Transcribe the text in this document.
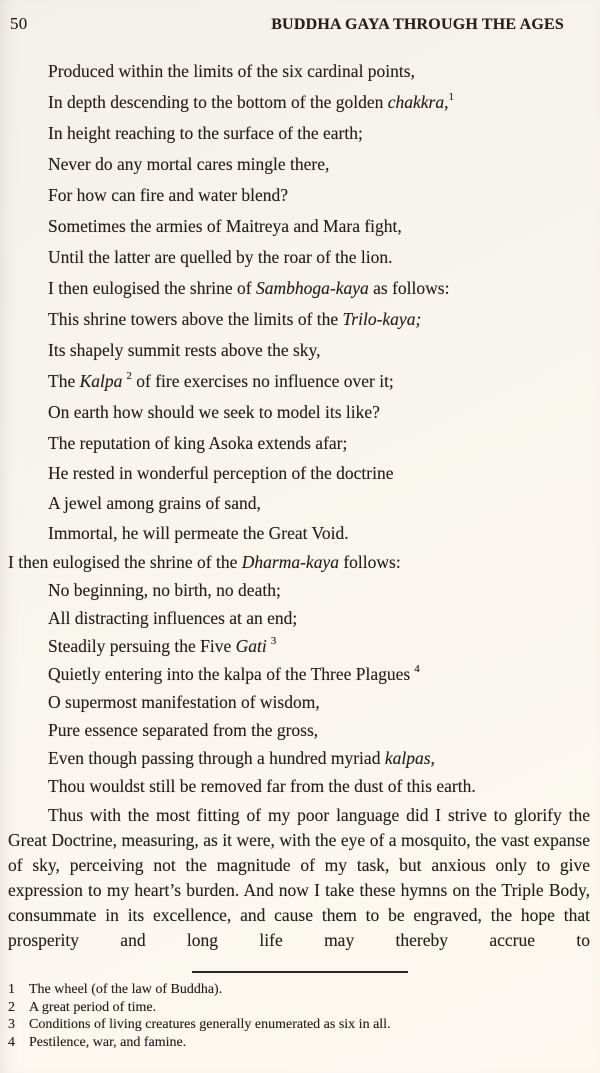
50	BUDDHA GAYA THROUGH THE AGES
Produced within the limits of the six cardinal points,
In depth descending to the bottom of the golden chakkra,$^1$
In height reaching to the surface of the earth;
Never do any mortal cares mingle there,
For how can fire and water blend?
Sometimes the armies of Maitreya and Mara fight,
Until the latter are quelled by the roar of the lion.
I then eulogised the shrine of Sambhoga-kaya as follows:
This shrine towers above the limits of the Trilo-kaya;
Its shapely summit rests above the sky,
The Kalpa $^2$ of fire exercises no influence over it;
On earth how should we seek to model its like?
The reputation of king Asoka extends afar;
He rested in wonderful perception of the doctrine
A jewel among grains of sand,
Immortal, he will permeate the Great Void.
I then eulogised the shrine of the Dharma-kaya follows:
No beginning, no birth, no death;
All distracting influences at an end;
Steadily persuing the Five Gati $^3$
Quietly entering into the kalpa of the Three Plagues $^4$
O supermost manifestation of wisdom,
Pure essence separated from the gross,
Even though passing through a hundred myriad kalpas,
Thou wouldst still be removed far from the dust of this earth.

Thus with the most fitting of my poor language did I strive to glorify the Great Doctrine, measuring, as it were, with the eye of a mosquito, the vast expanse of sky, perceiving not the magnitude of my task, but anxious only to give expression to my heart’s burden. And now I take these hymns on the Triple Body, consummate in its excellence, and cause them to be engraved, the hope that prosperity and long life may thereby accrue to

1	The wheel (of the law of Buddha).
2	A great period of time.
3	Conditions of living creatures generally enumerated as six in all.
4	Pestilence, war, and famine.
